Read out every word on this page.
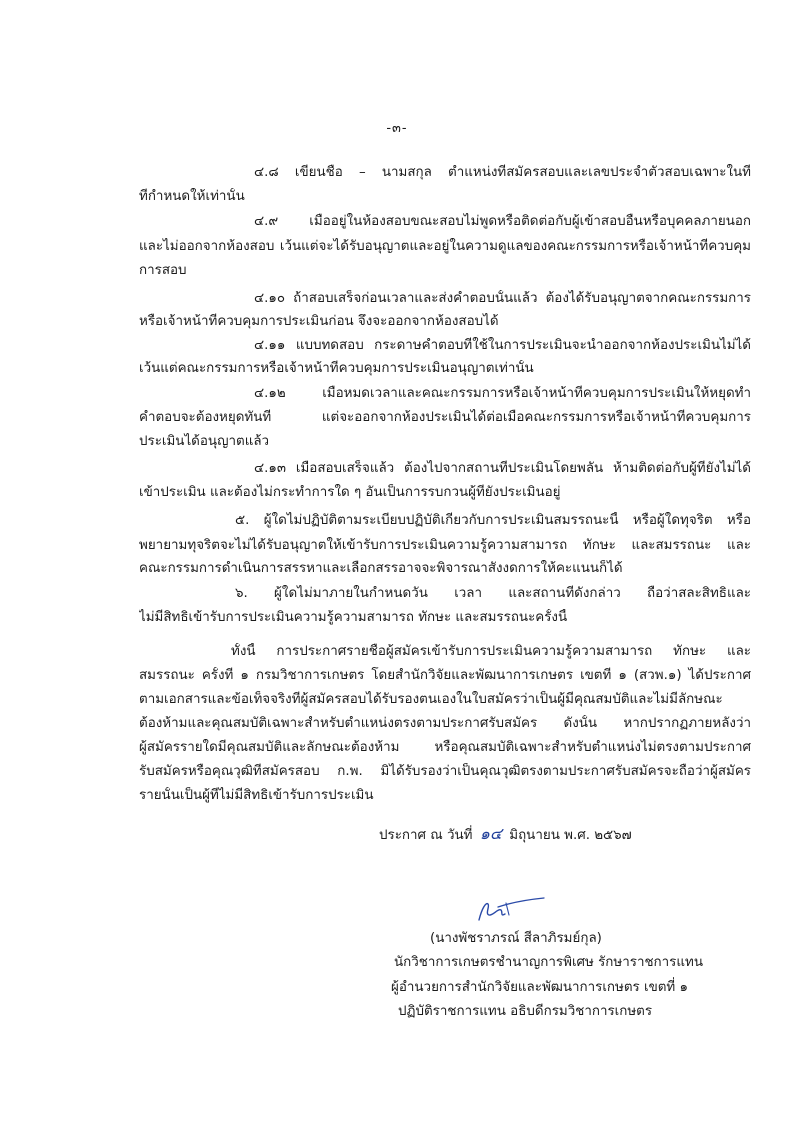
-๓-
๔.๘ เขียนชื่อ – นามสกุล ตำแหน่งที่สมัครสอบและเลขประจำตัวสอบเฉพาะในที่
ที่กำหนดให้เท่านั้น
๔.๙ เมื่ออยู่ในห้องสอบขณะสอบไม่พูดหรือติดต่อกับผู้เข้าสอบอื่นหรือบุคคลภายนอก
และไม่ออกจากห้องสอบ เว้นแต่จะได้รับอนุญาตและอยู่ในความดูแลของคณะกรรมการหรือเจ้าหน้าที่ควบคุม
การสอบ
๔.๑๐ ถ้าสอบเสร็จก่อนเวลาและส่งคำตอบนั้นแล้ว ต้องได้รับอนุญาตจากคณะกรรมการ
หรือเจ้าหน้าที่ควบคุมการประเมินก่อน จึงจะออกจากห้องสอบได้
๔.๑๑ แบบทดสอบ กระดาษคำตอบที่ใช้ในการประเมินจะนำออกจากห้องประเมินไม่ได้
เว้นแต่คณะกรรมการหรือเจ้าหน้าที่ควบคุมการประเมินอนุญาตเท่านั้น
๔.๑๒ เมื่อหมดเวลาและคณะกรรมการหรือเจ้าหน้าที่ควบคุมการประเมินให้หยุดทำ
คำตอบจะต้องหยุดทันที แต่จะออกจากห้องประเมินได้ต่อเมื่อคณะกรรมการหรือเจ้าหน้าที่ควบคุมการ
ประเมินได้อนุญาตแล้ว
๔.๑๓ เมื่อสอบเสร็จแล้ว ต้องไปจากสถานที่ประเมินโดยพลัน ห้ามติดต่อกับผู้ที่ยังไม่ได้
เข้าประเมิน และต้องไม่กระทำการใด ๆ อันเป็นการรบกวนผู้ที่ยังประเมินอยู่
๕. ผู้ใดไม่ปฏิบัติตามระเบียบปฏิบัติเกี่ยวกับการประเมินสมรรถนะนี้ หรือผู้ใดทุจริต หรือ
พยายามทุจริตจะไม่ได้รับอนุญาตให้เข้ารับการประเมินความรู้ความสามารถ ทักษะ และสมรรถนะ และ
คณะกรรมการดำเนินการสรรหาและเลือกสรรอาจจะพิจารณาสั่งงดการให้คะแนนก็ได้
๖. ผู้ใดไม่มาภายในกำหนดวัน เวลา และสถานที่ดังกล่าว ถือว่าสละสิทธิและ
ไม่มีสิทธิเข้ารับการประเมินความรู้ความสามารถ ทักษะ และสมรรถนะครั้งนี้
ทั้งนี้ การประกาศรายชื่อผู้สมัครเข้ารับการประเมินความรู้ความสามารถ ทักษะ และ
สมรรถนะ ครั้งที่ ๑ กรมวิชาการเกษตร โดยสำนักวิจัยและพัฒนาการเกษตร เขตที่ ๑ (สวพ.๑) ได้ประกาศ
ตามเอกสารและข้อเท็จจริงที่ผู้สมัครสอบได้รับรองตนเองในใบสมัครว่าเป็นผู้มีคุณสมบัติและไม่มีลักษณะ
ต้องห้ามและคุณสมบัติเฉพาะสำหรับตำแหน่งตรงตามประกาศรับสมัคร ดังนั้น หากปรากฏภายหลังว่า
ผู้สมัครรายใดมีคุณสมบัติและลักษณะต้องห้าม หรือคุณสมบัติเฉพาะสำหรับตำแหน่งไม่ตรงตามประกาศ
รับสมัครหรือคุณวุฒิที่สมัครสอบ ก.พ. มิได้รับรองว่าเป็นคุณวุฒิตรงตามประกาศรับสมัครจะถือว่าผู้สมัคร
รายนั้นเป็นผู้ที่ไม่มีสิทธิเข้ารับการประเมิน
ประกาศ ณ วันที่ ๑๔ มิถุนายน พ.ศ. ๒๕๖๗
(นางพัชราภรณ์ สีลาภิรมย์กุล)
นักวิชาการเกษตรชำนาญการพิเศษ รักษาราชการแทน
ผู้อำนวยการสำนักวิจัยและพัฒนาการเกษตร เขตที่ ๑
ปฏิบัติราชการแทน อธิบดีกรมวิชาการเกษตร
